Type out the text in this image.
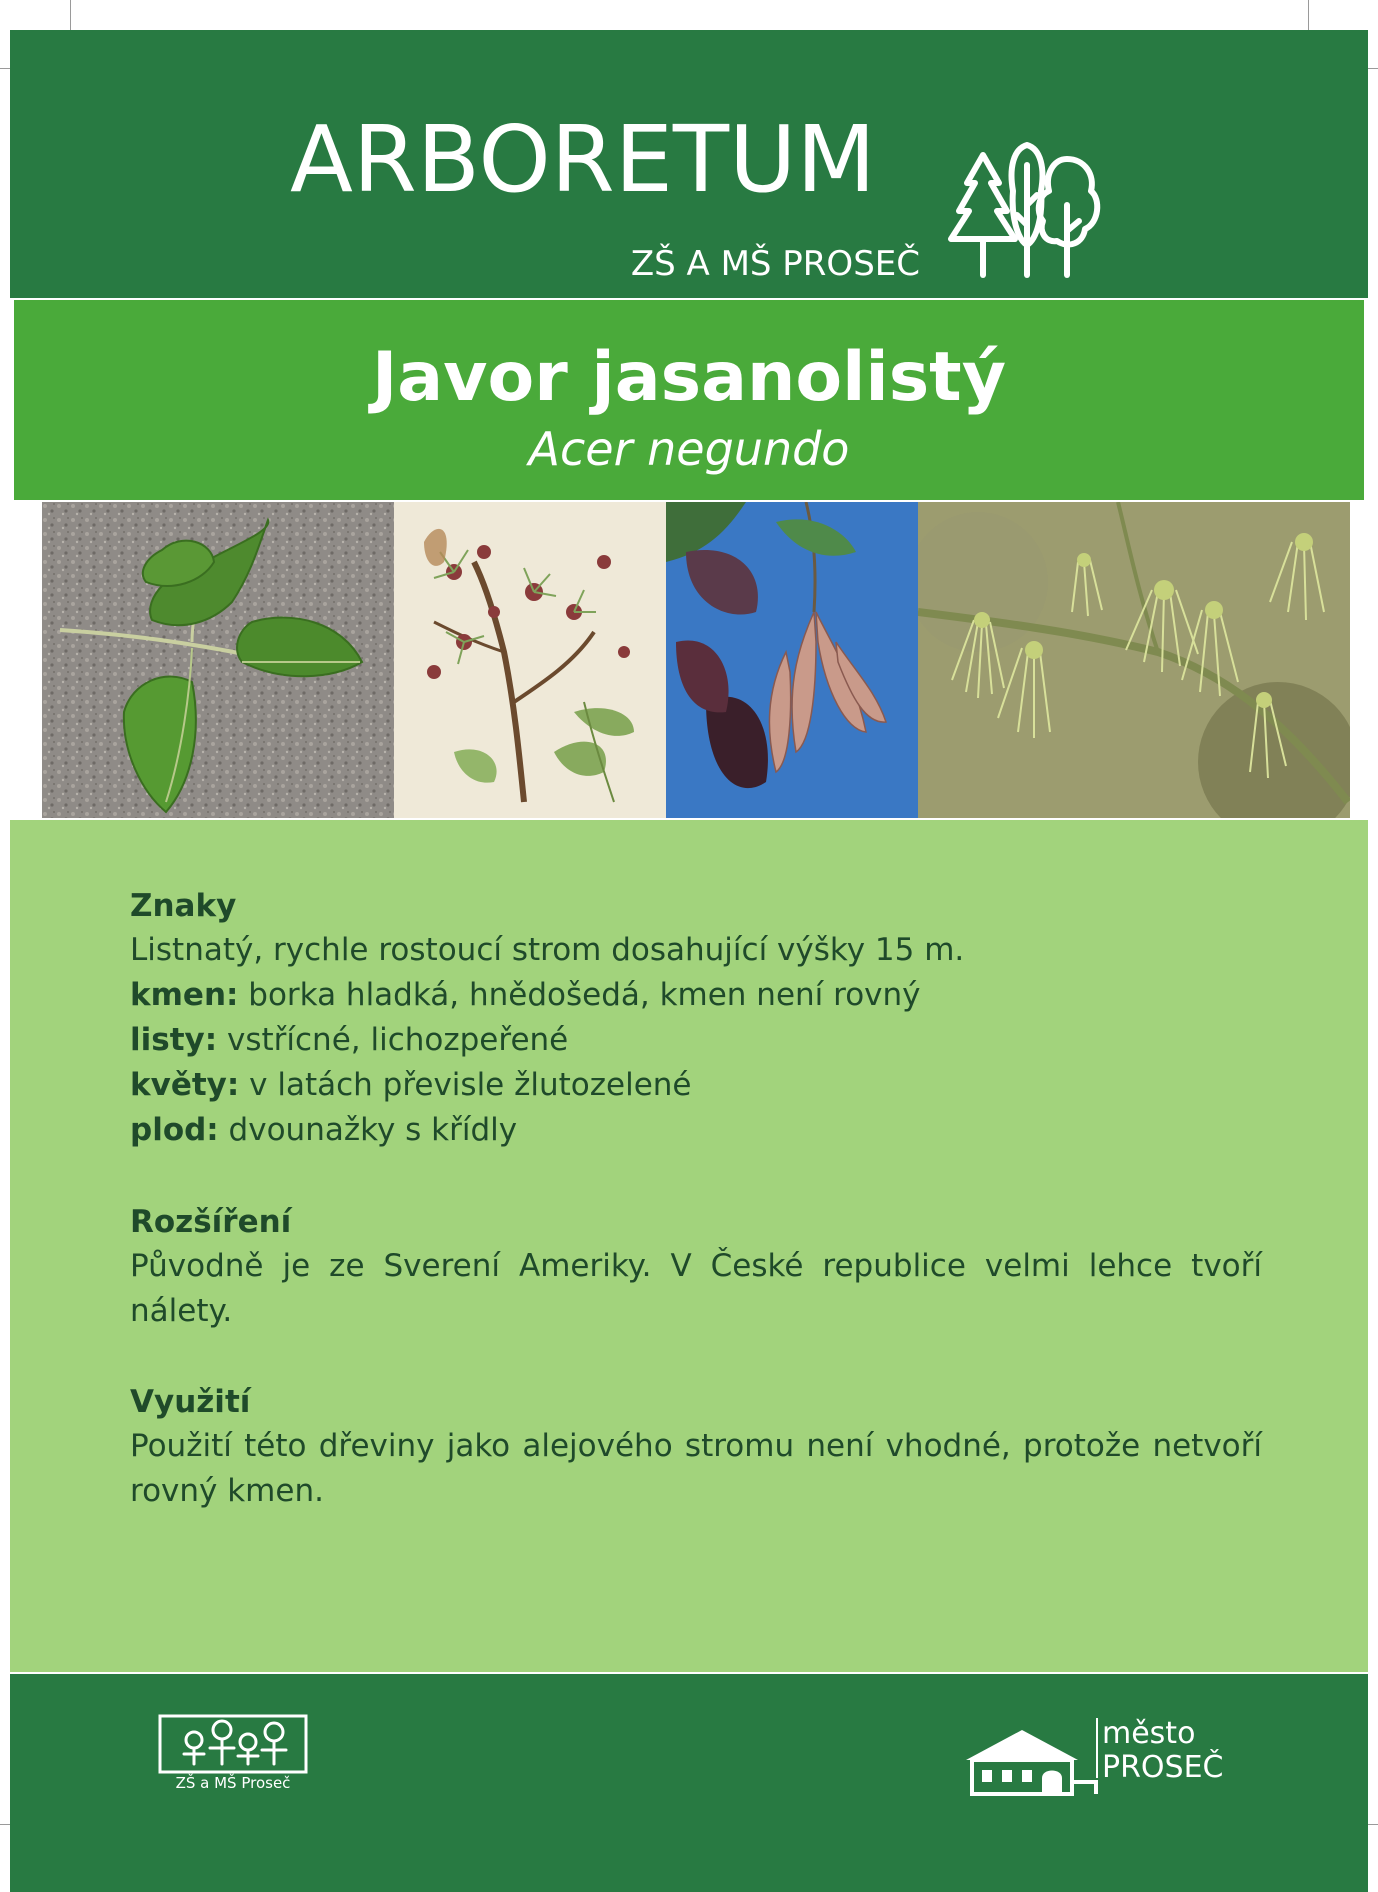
ARBORETUM
ZŠ A MŠ PROSEČ
Javor jasanolistý
Acer negundo

Znaky

Listnatý, rychle rostoucí strom dosahující výšky 15 m.

kmen: borka hladká, hnědošedá, kmen není rovný

listy: vstřícné, lichozpeřené

květy: v latách převisle žlutozelené

plod: dvounažky s křídly

Rozšíření

Původně je ze Sverení Ameriky. V České republice velmi lehce tvoří nálety.

Využití

Použití této dřeviny jako alejového stromu není vhodné, protože netvoří rovný kmen.

ZŠ a MŠ Proseč
město
PROSEČ
